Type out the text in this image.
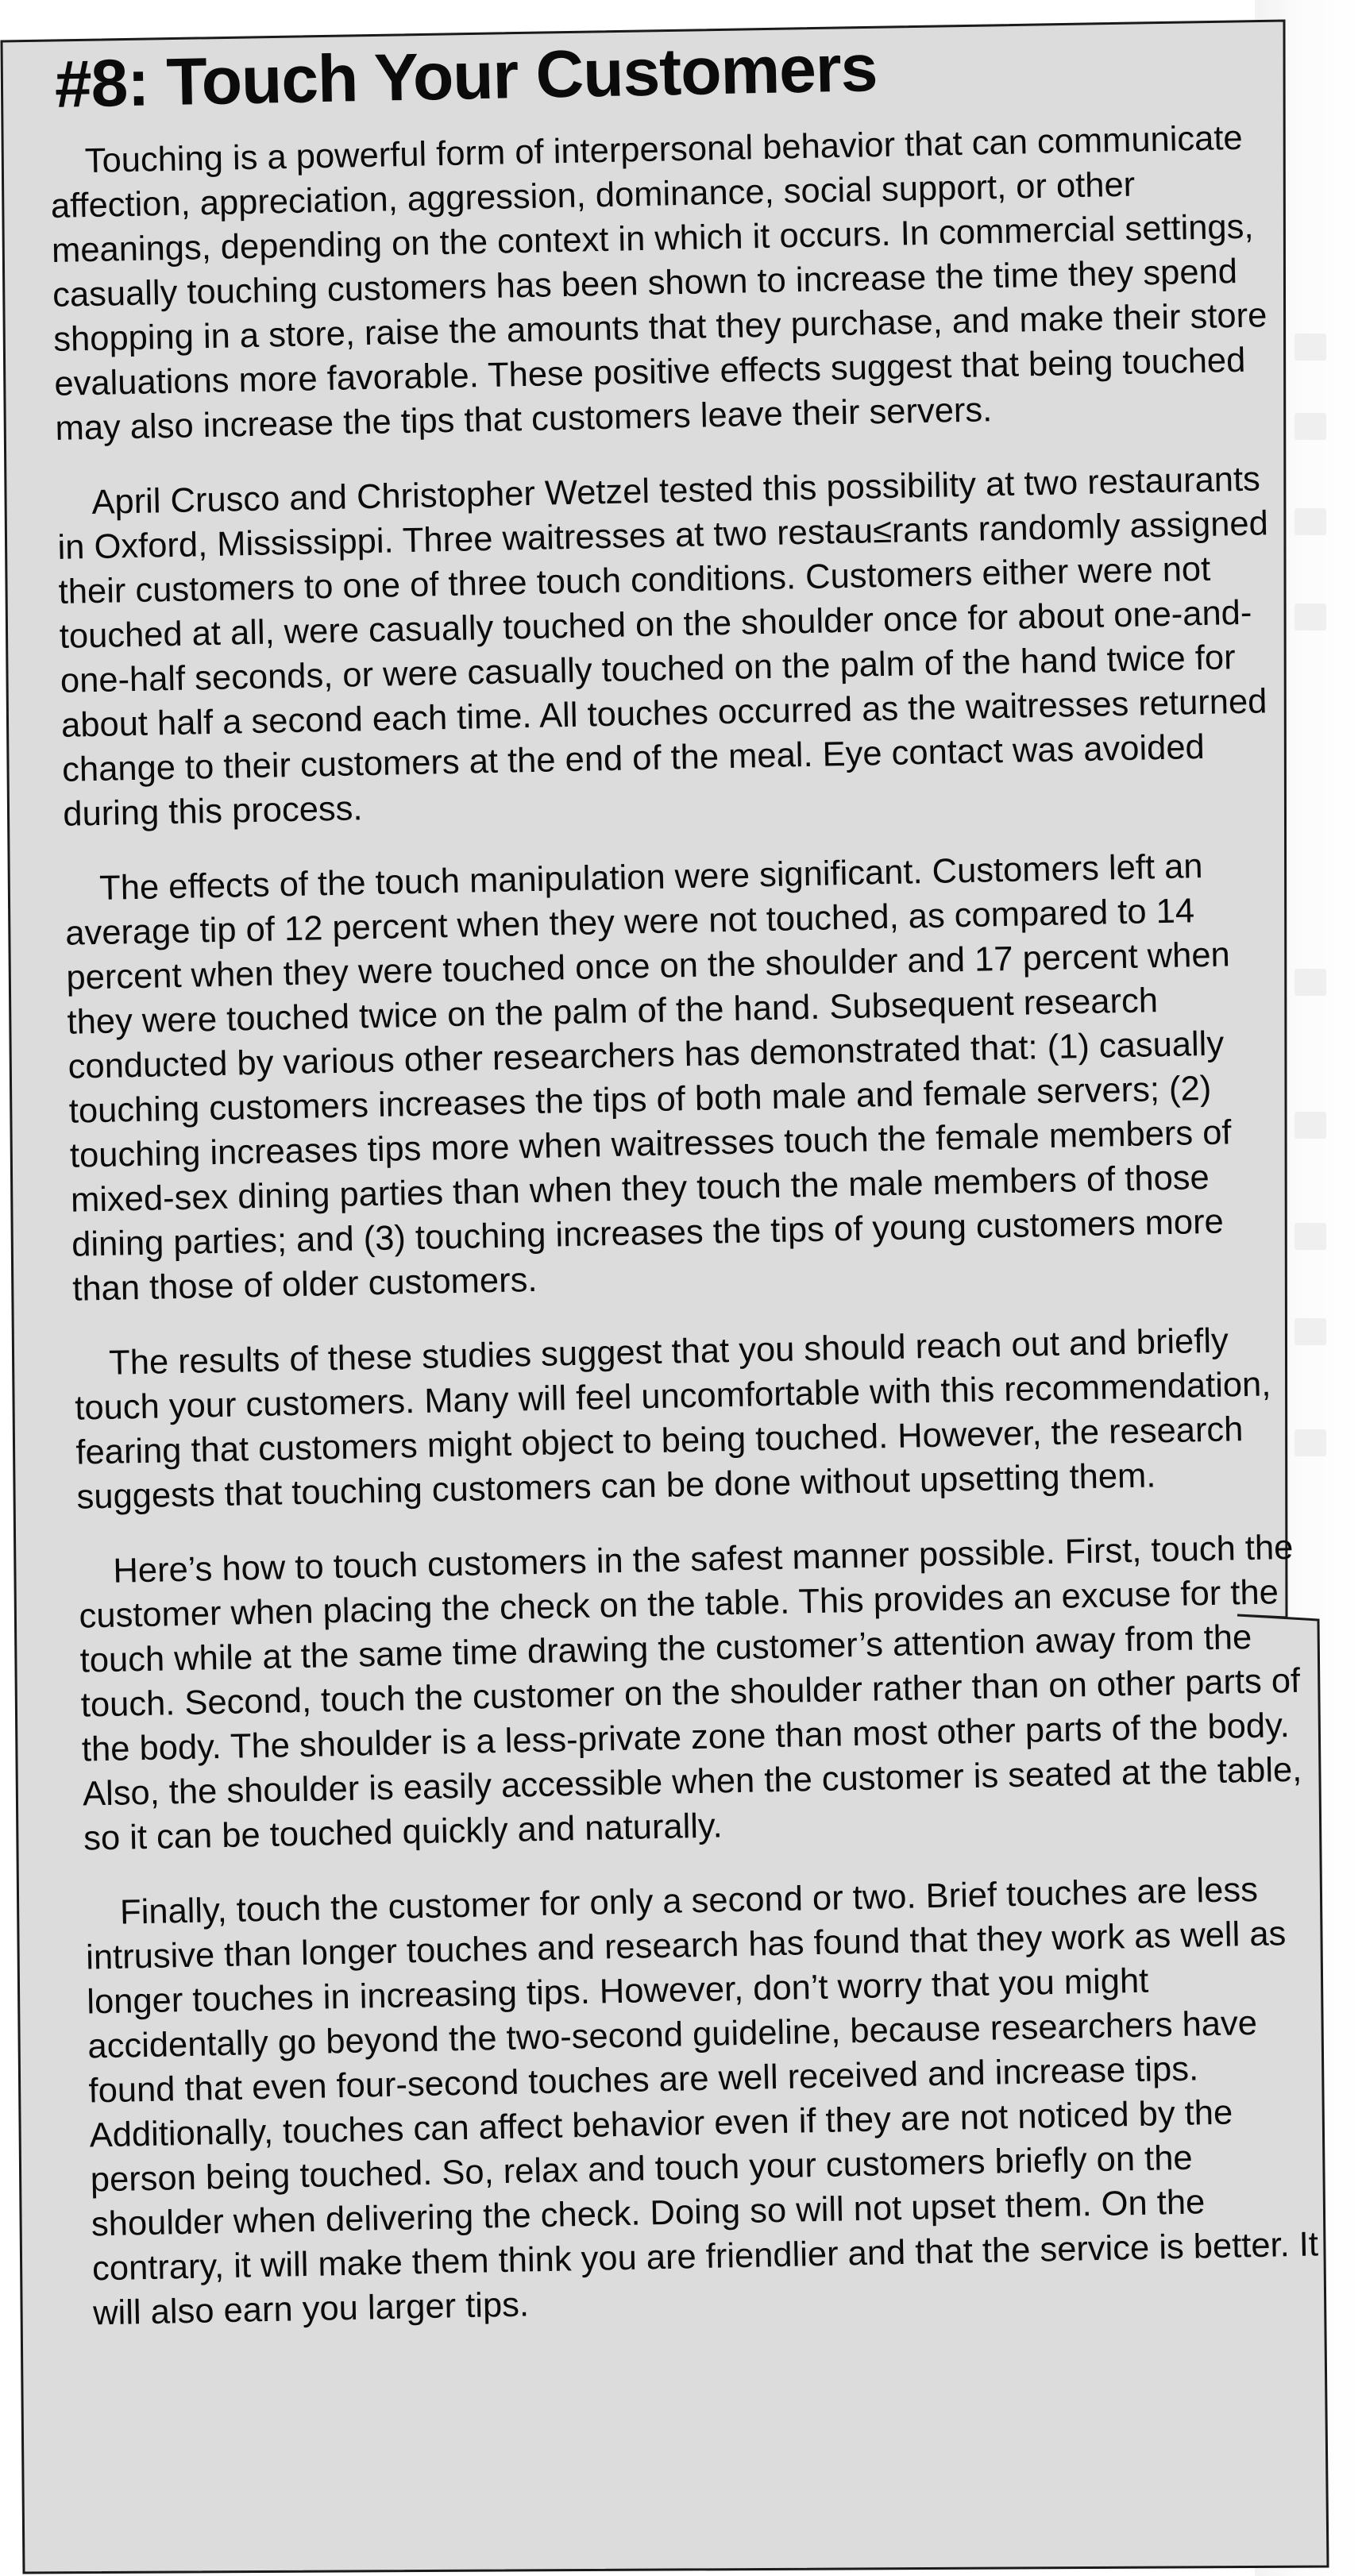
#8: Touch Your Customers

Touching is a powerful form of interpersonal behavior that can communicate affection, appreciation, aggression, dominance, social support, or other meanings, depending on the context in which it occurs. In commercial settings, casually touching customers has been shown to increase the time they spend shopping in a store, raise the amounts that they purchase, and make their store evaluations more favorable. These positive effects suggest that being touched may also increase the tips that customers leave their servers.

April Crusco and Christopher Wetzel tested this possibility at two restaurants in Oxford, Mississippi. Three waitresses at two restau≤rants randomly assigned their customers to one of three touch conditions. Customers either were not touched at all, were casually touched on the shoulder once for about one-and-one-half seconds, or were casually touched on the palm of the hand twice for about half a second each time. All touches occurred as the waitresses returned change to their customers at the end of the meal. Eye contact was avoided during this process.

The effects of the touch manipulation were significant. Customers left an average tip of 12 percent when they were not touched, as compared to 14 percent when they were touched once on the shoulder and 17 percent when they were touched twice on the palm of the hand. Subsequent research conducted by various other researchers has demonstrated that: (1) casually touching customers increases the tips of both male and female servers; (2) touching increases tips more when waitresses touch the female members of mixed-sex dining parties than when they touch the male members of those dining parties; and (3) touching increases the tips of young customers more than those of older customers.

The results of these studies suggest that you should reach out and briefly touch your customers. Many will feel uncomfortable with this recommendation, fearing that customers might object to being touched. However, the research suggests that touching customers can be done without upsetting them.

Here’s how to touch customers in the safest manner possible. First, touch the customer when placing the check on the table. This provides an excuse for the touch while at the same time drawing the customer’s attention away from the touch. Second, touch the customer on the shoulder rather than on other parts of the body. The shoulder is a less-private zone than most other parts of the body. Also, the shoulder is easily accessible when the customer is seated at the table, so it can be touched quickly and naturally.

Finally, touch the customer for only a second or two. Brief touches are less intrusive than longer touches and research has found that they work as well as longer touches in increasing tips. However, don’t worry that you might accidentally go beyond the two-second guideline, because researchers have found that even four-second touches are well received and increase tips. Additionally, touches can affect behavior even if they are not noticed by the person being touched. So, relax and touch your customers briefly on the shoulder when delivering the check. Doing so will not upset them. On the contrary, it will make them think you are friendlier and that the service is better. It will also earn you larger tips.
